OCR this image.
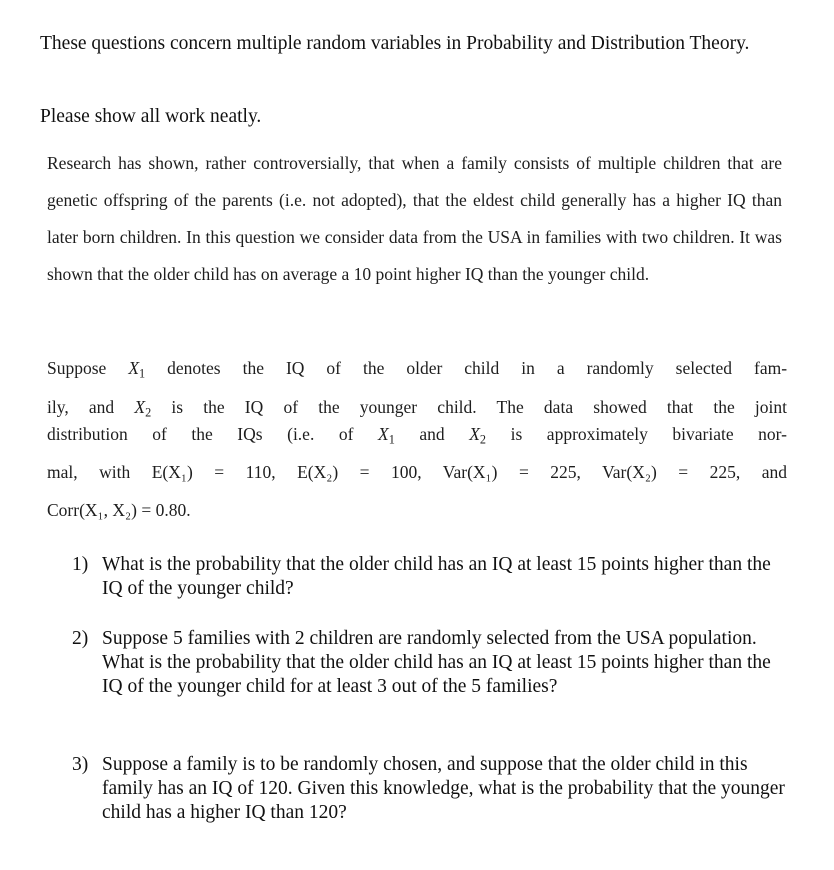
These questions concern multiple random variables in Probability and Distribution Theory.
Please show all work neatly.
Research has shown, rather controversially, that when a family consists of multiple children that are genetic offspring of the parents (i.e. not adopted), that the eldest child generally has a higher IQ than later born children. In this question we consider data from the USA in families with two children. It was shown that the older child has on average a 10 point higher IQ than the younger child.
Suppose $X_1$ denotes the IQ of the older child in a randomly selected fam-
ily, and $X_2$ is the IQ of the younger child. The data showed that the joint
distribution of the IQs (i.e. of $X_1$ and $X_2$ is approximately bivariate nor-
mal, with E(X₁) = 110, E(X₂) = 100, Var(X₁) = 225, Var(X₂) = 225, and
Corr(X₁, X₂) = 0.80.
1) What is the probability that the older child has an IQ at least 15 points higher than the IQ of the younger child?
2) Suppose 5 families with 2 children are randomly selected from the USA population. What is the probability that the older child has an IQ at least 15 points higher than the IQ of the younger child for at least 3 out of the 5 families?
3) Suppose a family is to be randomly chosen, and suppose that the older child in this family has an IQ of 120. Given this knowledge, what is the probability that the younger child has a higher IQ than 120?
